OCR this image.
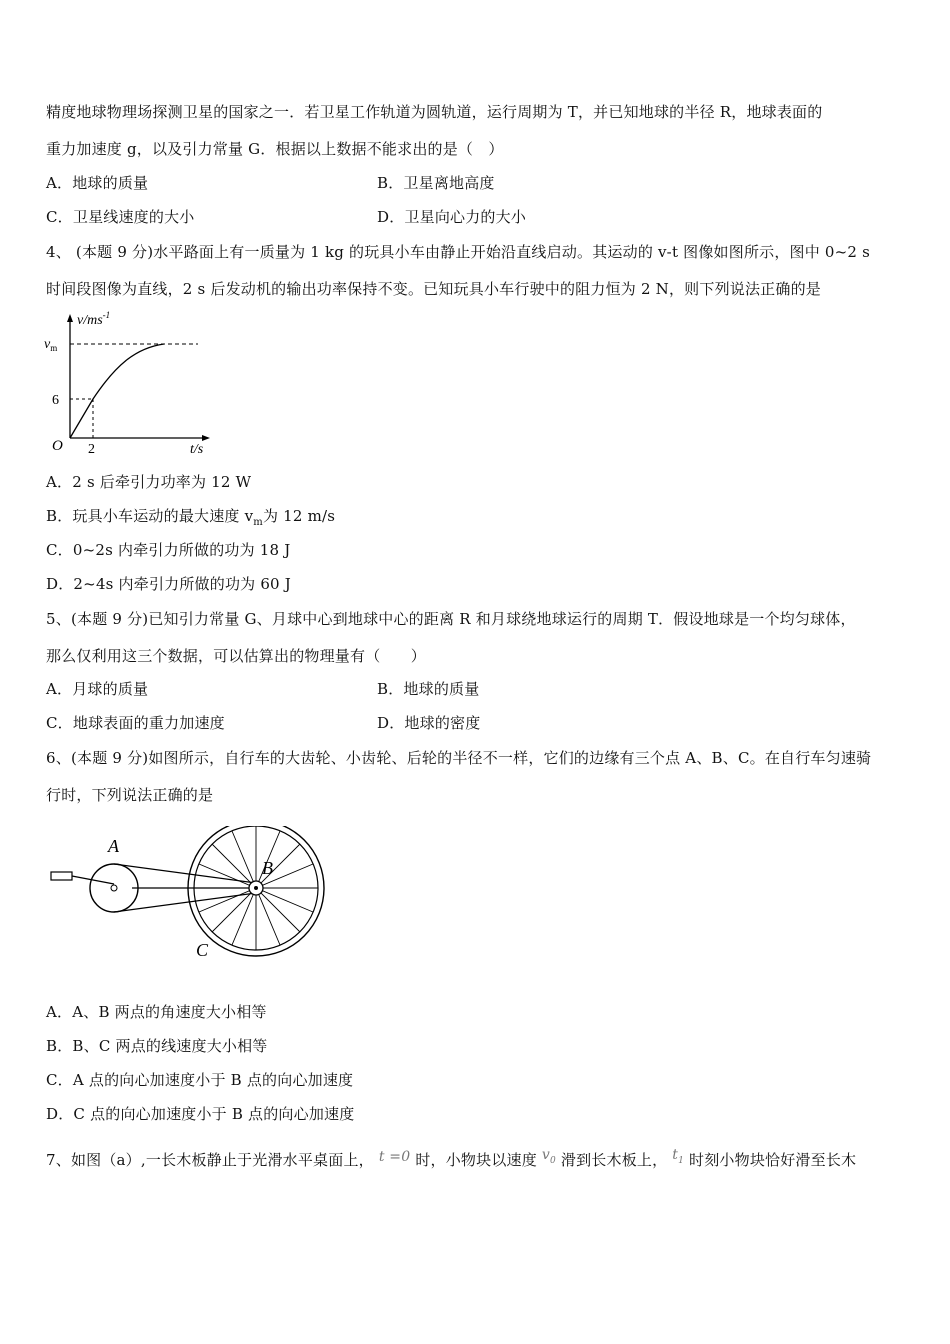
精度地球物理场探测卫星的国家之一．若卫星工作轨道为圆轨道，运行周期为 T，并已知地球的半径 R，地球表面的
重力加速度 g，以及引力常量 G．根据以上数据不能求出的是（　）
A．地球的质量	B．卫星离地高度
C．卫星线速度的大小	D．卫星向心力的大小
4、 (本题 9 分)水平路面上有一质量为 1 kg 的玩具小车由静止开始沿直线启动。其运动的 v-t 图像如图所示，图中 0~2 s
时间段图像为直线，2 s 后发动机的输出功率保持不变。已知玩具小车行驶中的阻力恒为 2 N，则下列说法正确的是
$v/ms^{-1}$
$v_m$
6
O 2	t/s
A．2 s 后牵引力功率为 12 W
B．玩具小车运动的最大速度 $v_m$为 12 m/s
C．0~2s 内牵引力所做的功为 18 J
D．2~4s 内牵引力所做的功为 60 J
5、(本题 9 分)已知引力常量 G、月球中心到地球中心的距离 R 和月球绕地球运行的周期 T．假设地球是一个均匀球体，
那么仅利用这三个数据，可以估算出的物理量有（　　）
A．月球的质量	B．地球的质量
C．地球表面的重力加速度	D．地球的密度
6、(本题 9 分)如图所示，自行车的大齿轮、小齿轮、后轮的半径不一样，它们的边缘有三个点 A、B、C。在自行车匀速骑
行时，下列说法正确的是
A
B
C
A．A、B 两点的角速度大小相等
B．B、C 两点的线速度大小相等
C．A 点的向心加速度小于 B 点的向心加速度
D．C 点的向心加速度小于 B 点的向心加速度
7、如图（a）,一长木板静止于光滑水平桌面上， t =0 时，小物块以速度 $v_0$ 滑到长木板上， $t_1$ 时刻小物块恰好滑至长木
